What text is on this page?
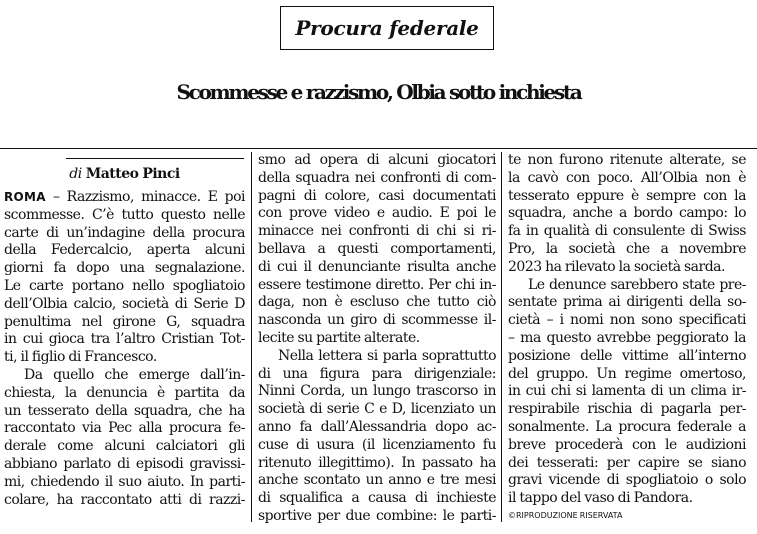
Procura federale
Scommesse e razzismo, Olbia sotto inchiesta
di Matteo Pinci
ROMA – Razzismo, minacce. E poi
scommesse. C’è tutto questo nelle
carte di un’indagine della procura
della Federcalcio, aperta alcuni
giorni fa dopo una segnalazione.
Le carte portano nello spogliatoio
dell’Olbia calcio, società di Serie D
penultima nel girone G, squadra
in cui gioca tra l’altro Cristian Tot-
ti, il figlio di Francesco.
Da quello che emerge dall’in-
chiesta, la denuncia è partita da
un tesserato della squadra, che ha
raccontato via Pec alla procura fe-
derale come alcuni calciatori gli
abbiano parlato di episodi gravissi-
mi, chiedendo il suo aiuto. In parti-
colare, ha raccontato atti di razzi-
smo ad opera di alcuni giocatori
della squadra nei confronti di com-
pagni di colore, casi documentati
con prove video e audio. E poi le
minacce nei confronti di chi si ri-
bellava a questi comportamenti,
di cui il denunciante risulta anche
essere testimone diretto. Per chi in-
daga, non è escluso che tutto ciò
nasconda un giro di scommesse il-
lecite su partite alterate.
Nella lettera si parla soprattutto
di una figura para dirigenziale:
Ninni Corda, un lungo trascorso in
società di serie C e D, licenziato un
anno fa dall’Alessandria dopo ac-
cuse di usura (il licenziamento fu
ritenuto illegittimo). In passato ha
anche scontato un anno e tre mesi
di squalifica a causa di inchieste
sportive per due combine: le parti-
te non furono ritenute alterate, se
la cavò con poco. All’Olbia non è
tesserato eppure è sempre con la
squadra, anche a bordo campo: lo
fa in qualità di consulente di Swiss
Pro, la società che a novembre
2023 ha rilevato la società sarda.
Le denunce sarebbero state pre-
sentate prima ai dirigenti della so-
cietà – i nomi non sono specificati
– ma questo avrebbe peggiorato la
posizione delle vittime all’interno
del gruppo. Un regime omertoso,
in cui chi si lamenta di un clima ir-
respirabile rischia di pagarla per-
sonalmente. La procura federale a
breve procederà con le audizioni
dei tesserati: per capire se siano
gravi vicende di spogliatoio o solo
il tappo del vaso di Pandora.
©RIPRODUZIONE RISERVATA
